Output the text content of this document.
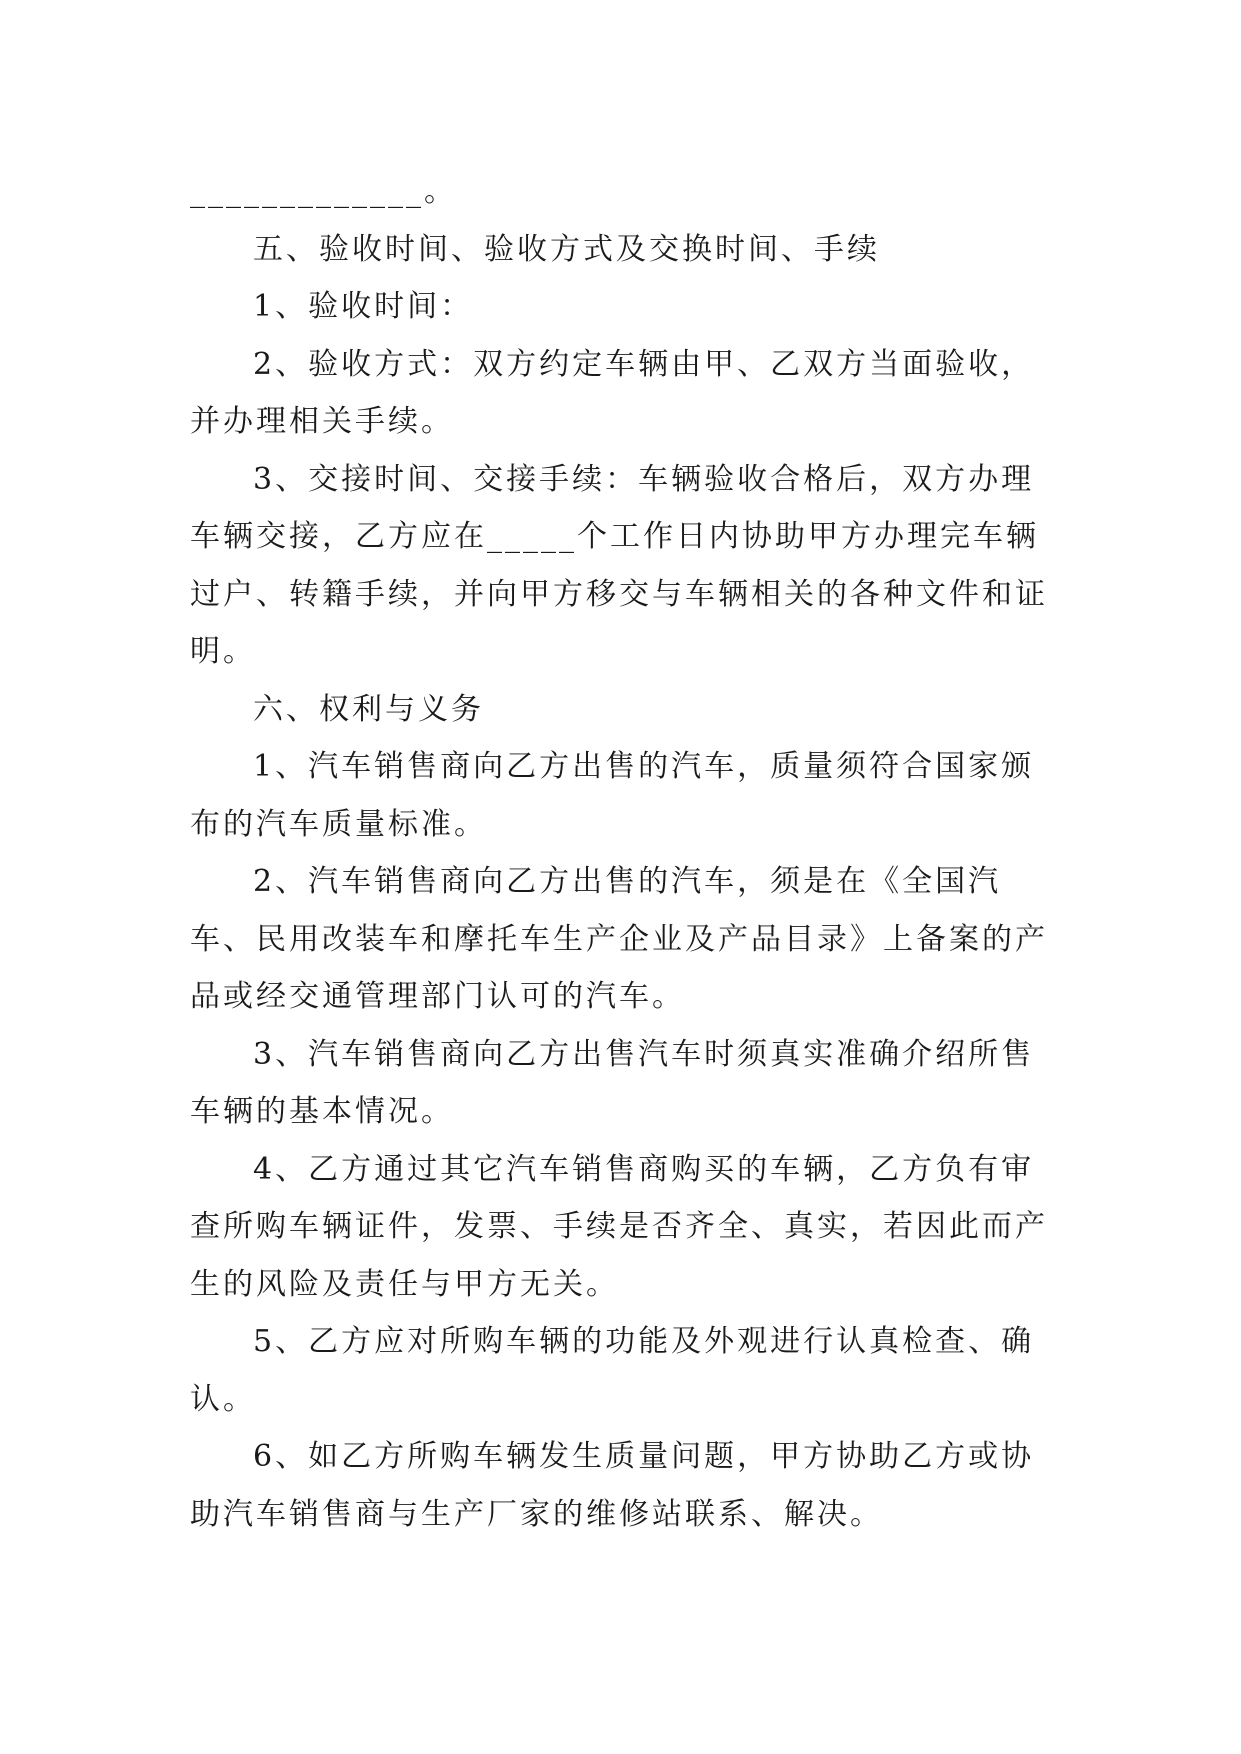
_____________。

五、验收时间、验收方式及交换时间、手续

1、验收时间：

2、验收方式：双方约定车辆由甲、乙双方当面验收，并办理相关手续。

3、交接时间、交接手续：车辆验收合格后，双方办理车辆交接，乙方应在_____个工作日内协助甲方办理完车辆过户、转籍手续，并向甲方移交与车辆相关的各种文件和证明。

六、权利与义务

1、汽车销售商向乙方出售的汽车，质量须符合国家颁布的汽车质量标准。

2、汽车销售商向乙方出售的汽车，须是在《全国汽车、民用改装车和摩托车生产企业及产品目录》上备案的产品或经交通管理部门认可的汽车。

3、汽车销售商向乙方出售汽车时须真实准确介绍所售车辆的基本情况。

4、乙方通过其它汽车销售商购买的车辆，乙方负有审查所购车辆证件，发票、手续是否齐全、真实，若因此而产生的风险及责任与甲方无关。

5、乙方应对所购车辆的功能及外观进行认真检查、确认。

6、如乙方所购车辆发生质量问题，甲方协助乙方或协助汽车销售商与生产厂家的维修站联系、解决。
